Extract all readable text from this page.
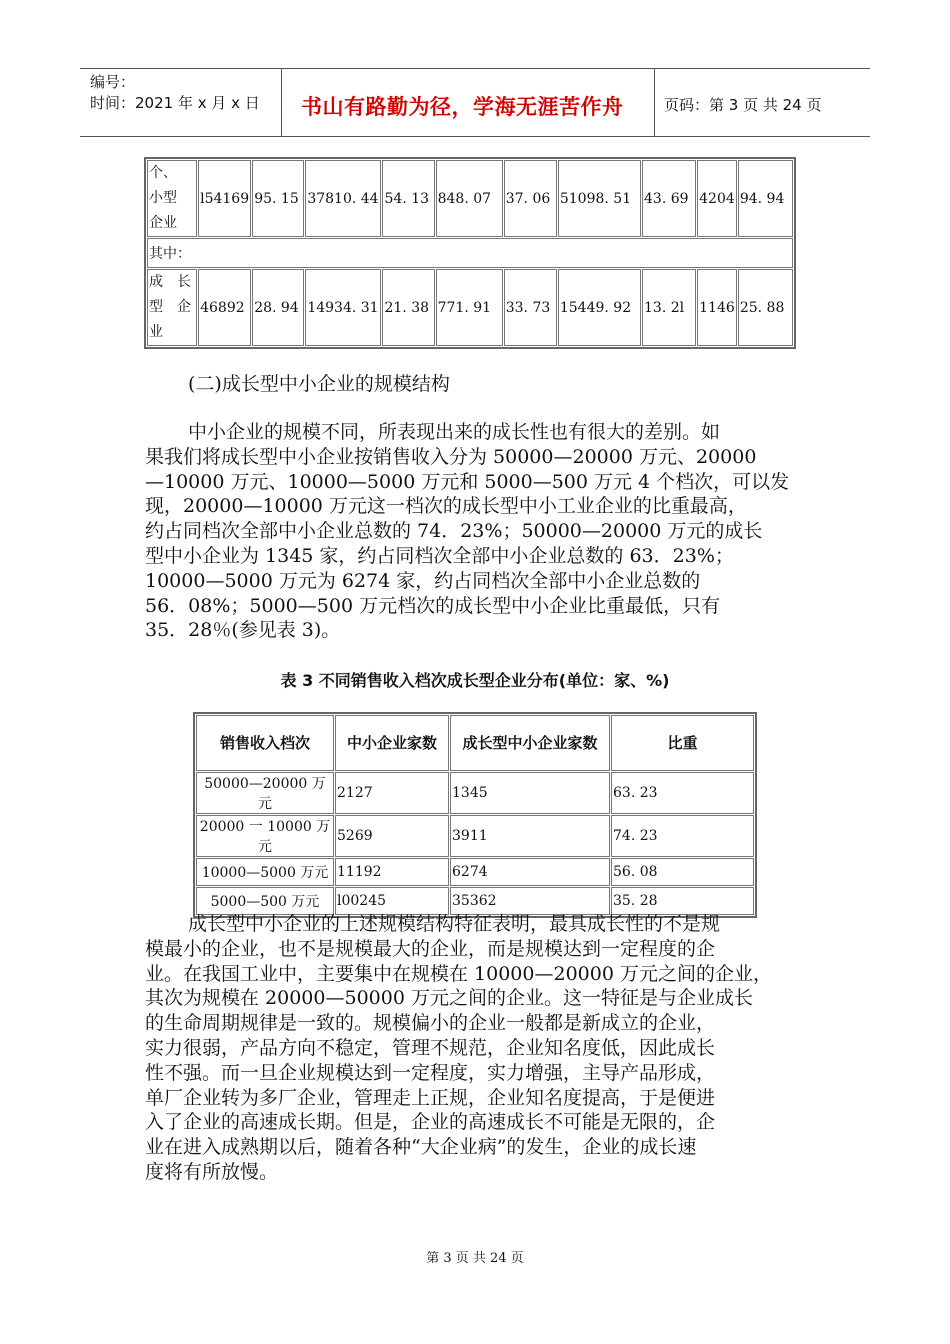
编号：
时间：2021 年 x 月 x 日 书山有路勤为径，学海无涯苦作舟	页码：第 3 页 共 24 页
个、
小型
企业	l54169	95. 15	37810. 44	54. 13	848. 07	37. 06	51098. 51	43. 69	4204	94. 94
其中：										
成　长
型　企
业	46892	28. 94	14934. 31	21. 38	771. 91	33. 73	15449. 92	13. 2l	1146	25. 88
(二)成长型中小企业的规模结构
中小企业的规模不同，所表现出来的成长性也有很大的差别。如
果我们将成长型中小企业按销售收入分为 50000—20000 万元、20000
—10000 万元、10000—5000 万元和 5000—500 万元 4 个档次，可以发
现，20000—10000 万元这一档次的成长型中小工业企业的比重最高，
约占同档次全部中小企业总数的 74．23%；50000—20000 万元的成长
型中小企业为 1345 家，约占同档次全部中小企业总数的 63．23%；
10000—5000 万元为 6274 家，约占同档次全部中小企业总数的
56．08%；5000—500 万元档次的成长型中小企业比重最低，只有
35．28％(参见表 3)。
表 3 不同销售收入档次成长型企业分布(单位：家、%)
销售收入档次	中小企业家数	成长型中小企业家数	比重
50000—20000 万元	2127	1345	63. 23
20000 一 10000 万元	5269	3911	74. 23
10000—5000 万元	11192	6274	56. 08
5000—500 万元	l00245	35362	35. 28
成长型中小企业的上述规模结构特征表明，最具成长性的不是规
模最小的企业，也不是规模最大的企业，而是规模达到一定程度的企
业。在我国工业中，主要集中在规模在 10000—20000 万元之间的企业，
其次为规模在 20000—50000 万元之间的企业。这一特征是与企业成长
的生命周期规律是一致的。规模偏小的企业一般都是新成立的企业，
实力很弱，产品方向不稳定，管理不规范，企业知名度低，因此成长
性不强。而一旦企业规模达到一定程度，实力增强，主导产品形成，
单厂企业转为多厂企业，管理走上正规，企业知名度提高，于是便进
入了企业的高速成长期。但是，企业的高速成长不可能是无限的，企
业在进入成熟期以后，随着各种“大企业病”的发生，企业的成长速
度将有所放慢。
第 3 页 共 24 页
